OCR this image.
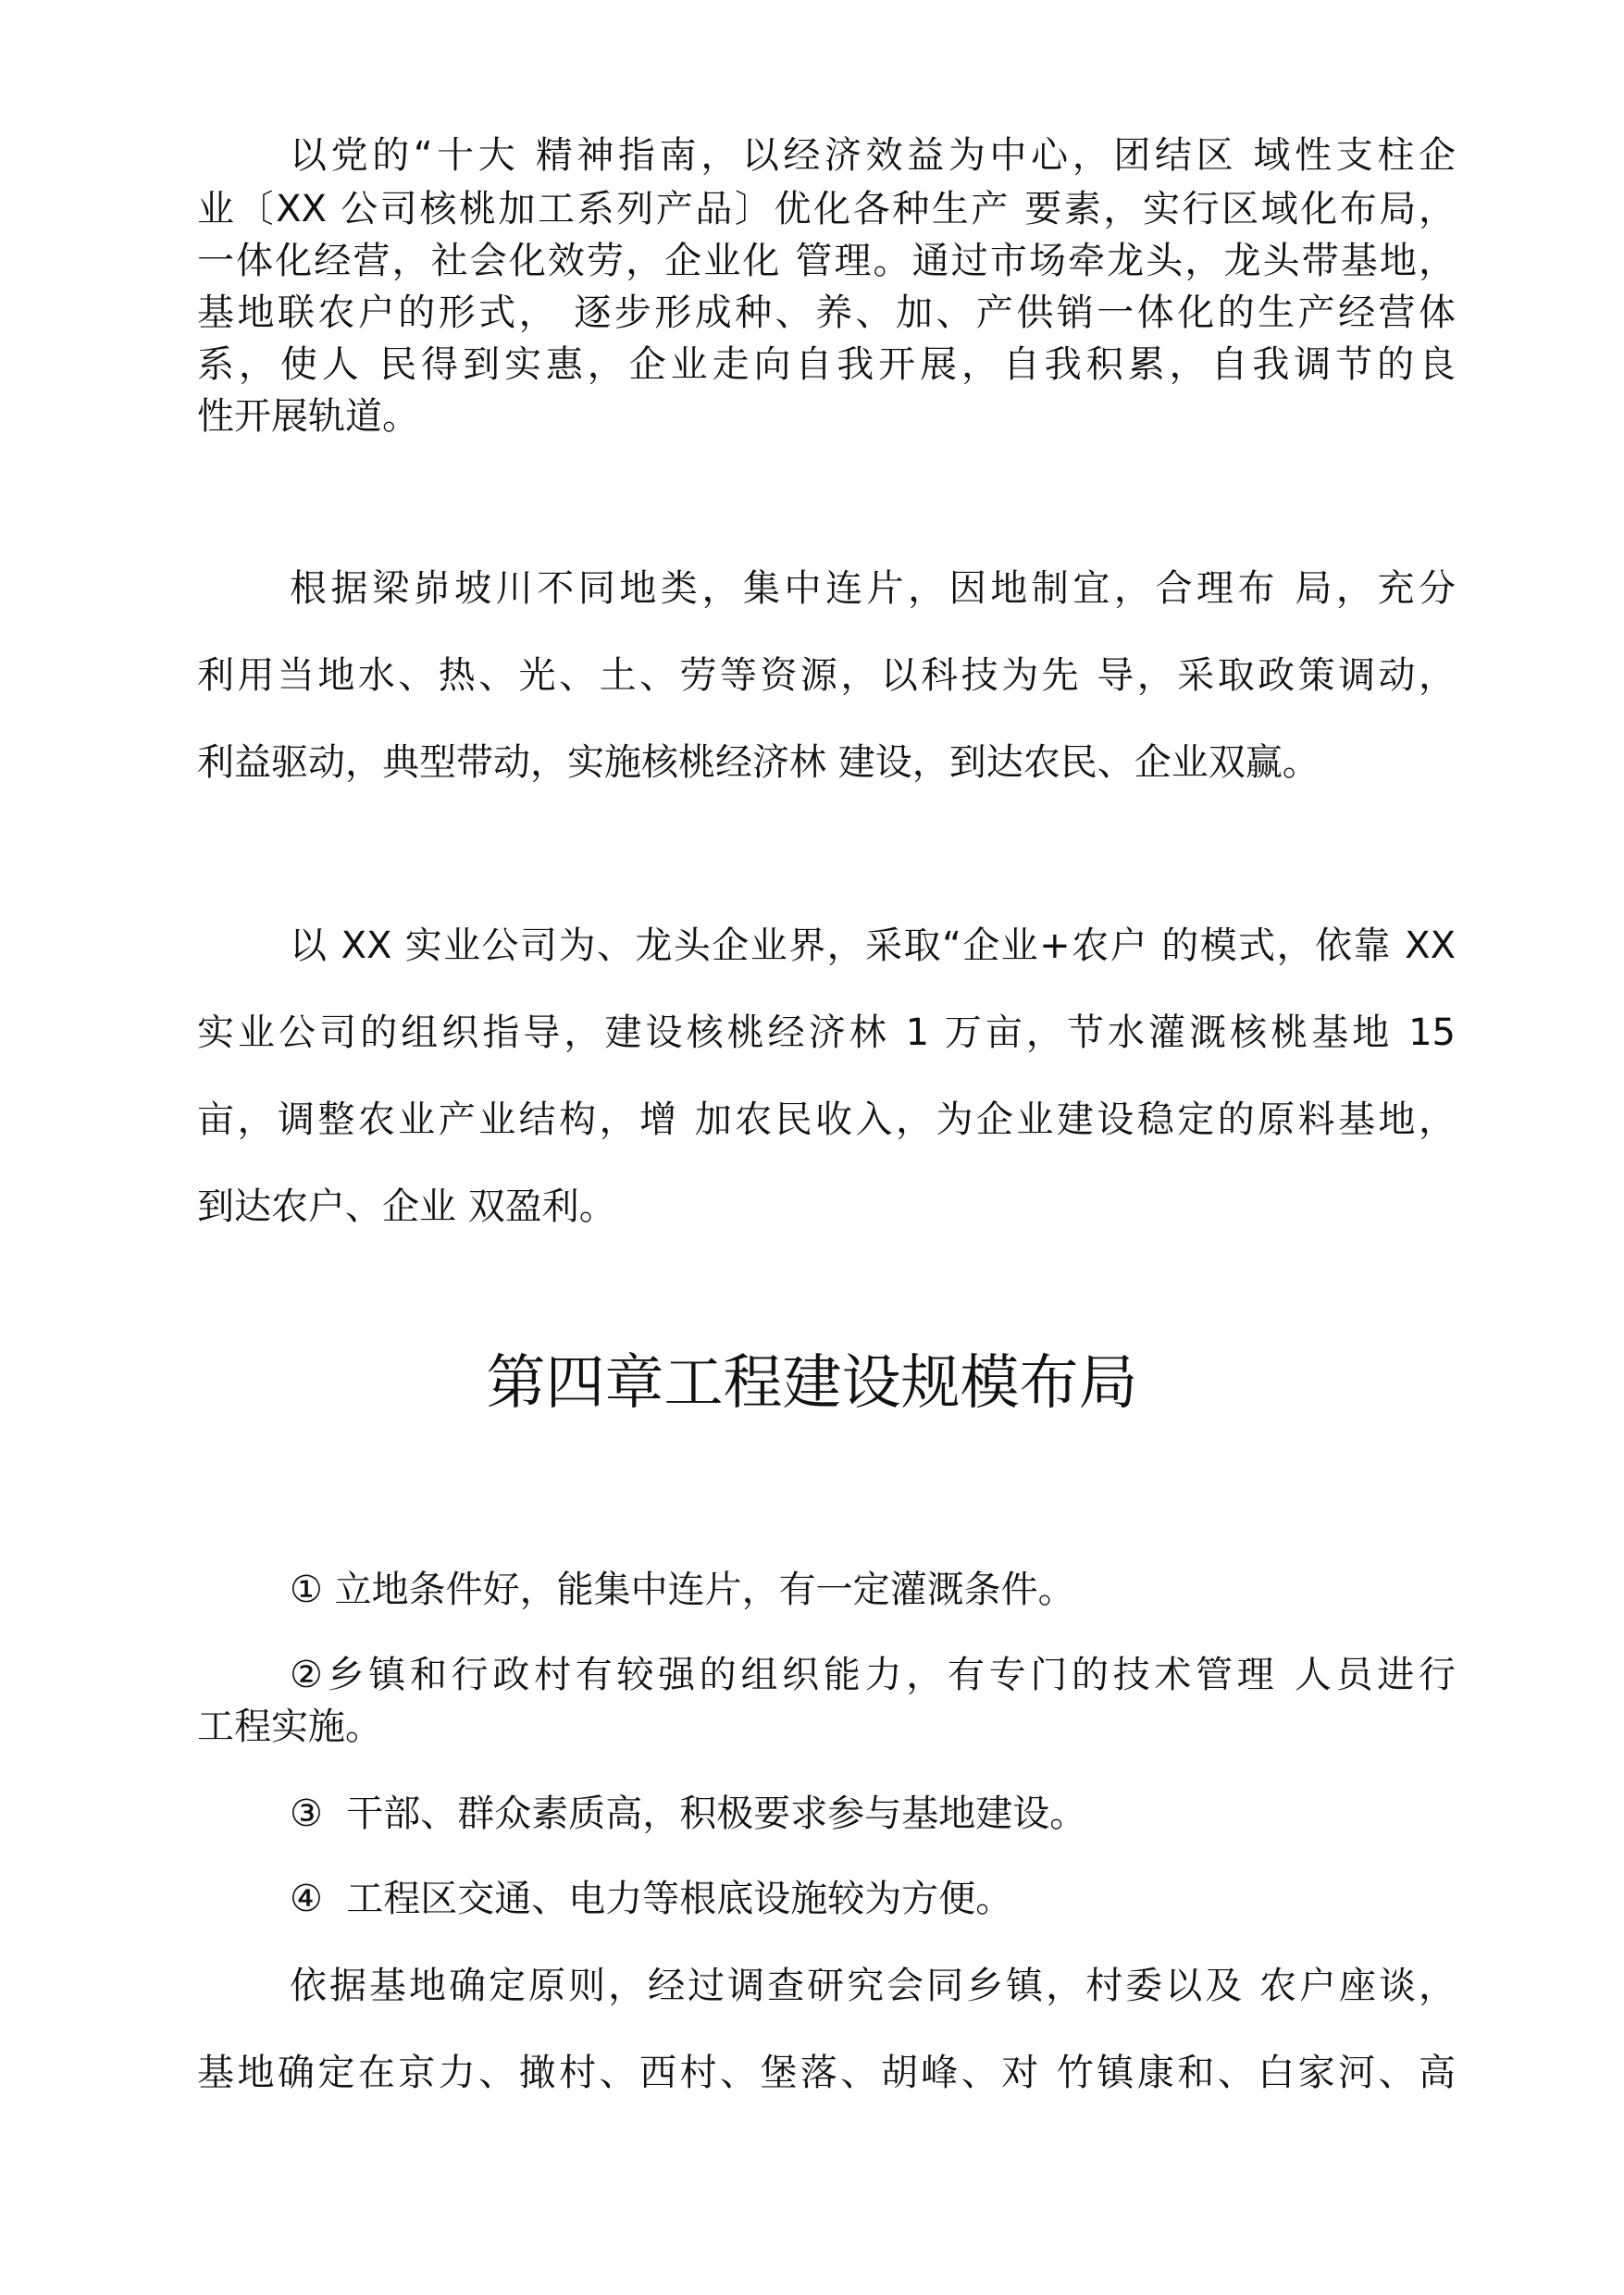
以党的“十大 精神指南，以经济效益为中心，团结区 域性支柱企
业〔XX 公司核桃加工系列产品〕优化各种生产 要素，实行区域化布局，
一体化经营，社会化效劳，企业化 管理。通过市场牵龙头，龙头带基地，
基地联农户的形式， 逐步形成种、养、加、产供销一体化的生产经营体
系，使人 民得到实惠，企业走向自我开展，自我积累，自我调节的良
性开展轨道。
根据梁峁坡川不同地类，集中连片，因地制宜，合理布 局，充分
利用当地水、热、光、土、劳等资源，以科技为先 导，采取政策调动，
利益驱动，典型带动，实施核桃经济林 建设，到达农民、企业双赢。
以 XX 实业公司为、龙头企业界，采取“企业+农户 的模式，依靠 XX
实业公司的组织指导，建设核桃经济林 1 万亩，节水灌溉核桃基地 15
亩，调整农业产业结构，增 加农民收入，为企业建设稳定的原料基地，
到达农户、企业 双盈利。
第四章工程建设规模布局
① 立地条件好，能集中连片，有一定灌溉条件。
②乡镇和行政村有较强的组织能力，有专门的技术管理 人员进行
工程实施。
③  干部、群众素质高，积极要求参与基地建设。
④  工程区交通、电力等根底设施较为方便。
依据基地确定原则，经过调查研究会同乡镇，村委以及 农户座谈，
基地确定在京力、撖村、西村、堡落、胡峰、对 竹镇康和、白家河、高
